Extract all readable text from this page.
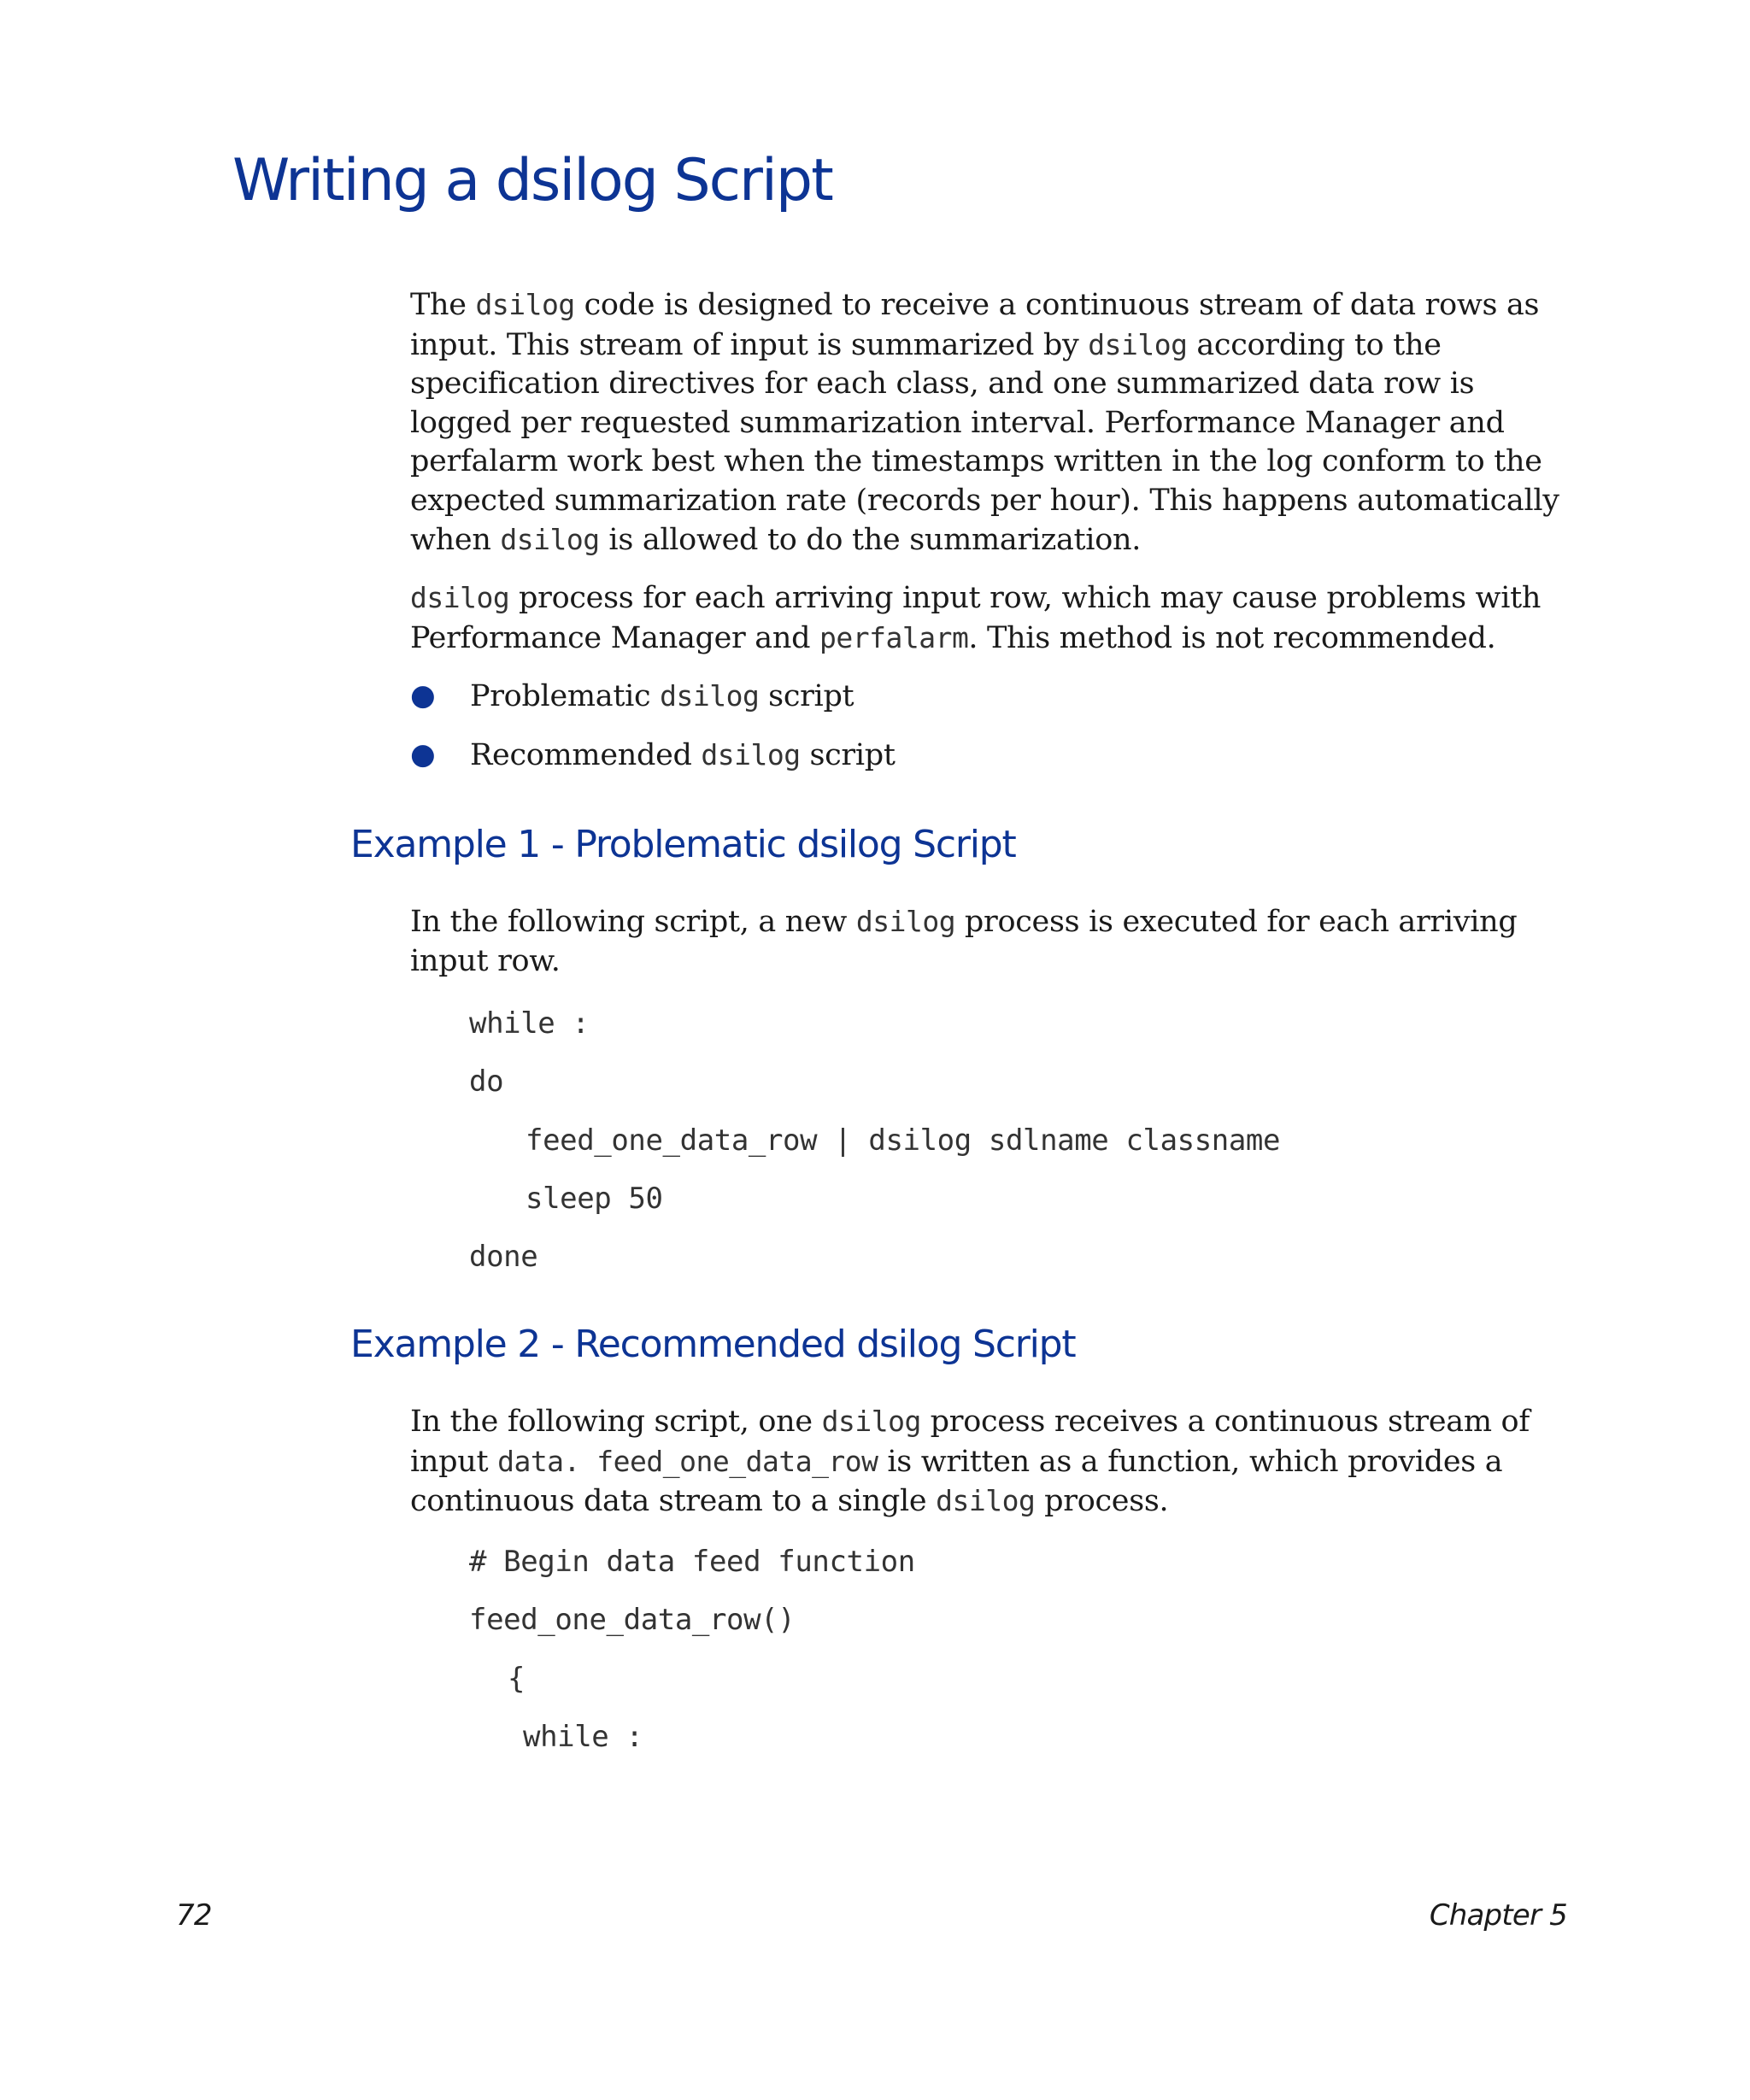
Writing a dsilog Script

The dsilog code is designed to receive a continuous stream of data rows as input. This stream of input is summarized by dsilog according to the specification directives for each class, and one summarized data row is logged per requested summarization interval. Performance Manager and perfalarm work best when the timestamps written in the log conform to the expected summarization rate (records per hour). This happens automatically when dsilog is allowed to do the summarization.

dsilog process for each arriving input row, which may cause problems with Performance Manager and perfalarm. This method is not recommended.

● Problematic dsilog script
● Recommended dsilog script
Example 1 - Problematic dsilog Script

In the following script, a new dsilog process is executed for each arriving input row.

while :
do
feed_one_data_row | dsilog sdlname classname
sleep 50
done
Example 2 - Recommended dsilog Script

In the following script, one dsilog process receives a continuous stream of input data. feed_one_data_row is written as a function, which provides a continuous data stream to a single dsilog process.

# Begin data feed function
feed_one_data_row()
{
while :
72	Chapter 5
